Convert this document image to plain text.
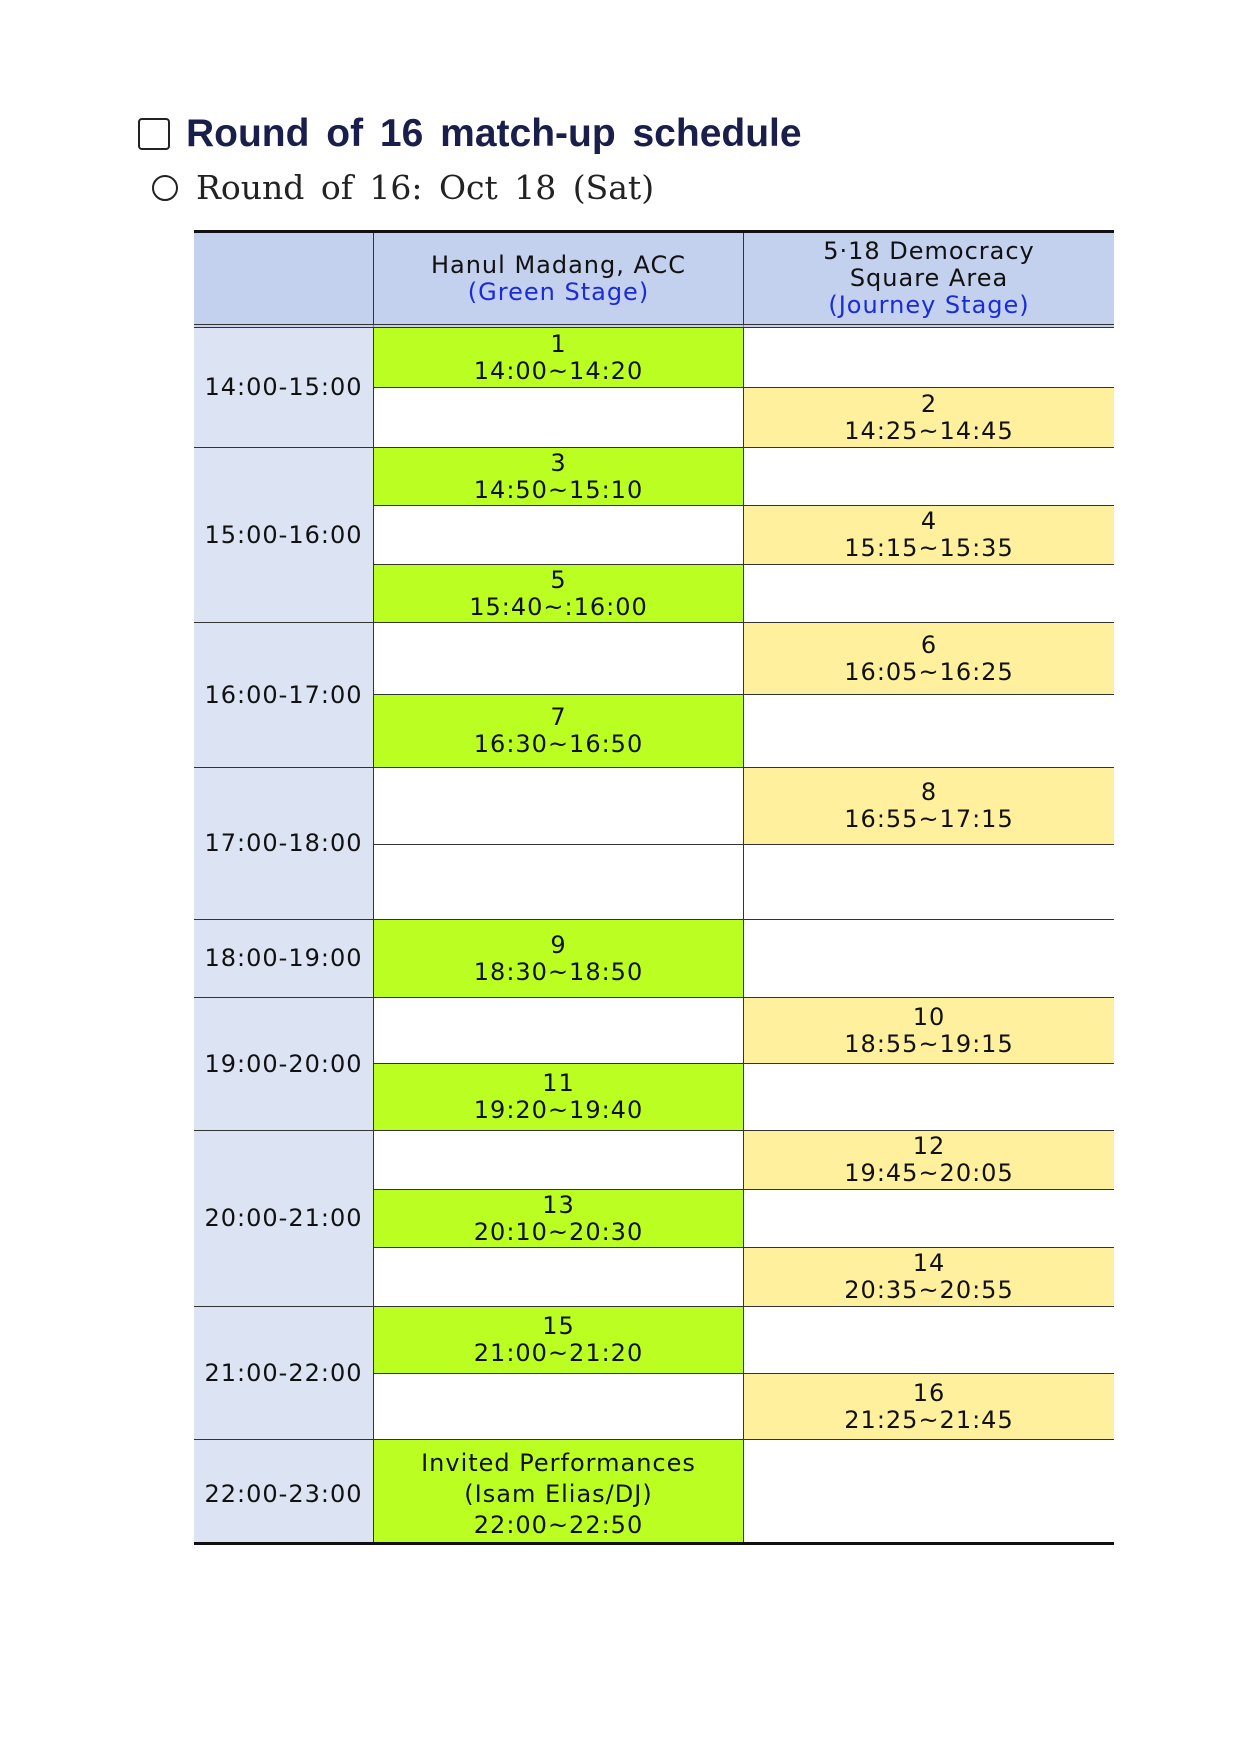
Round of 16 match-up schedule
Round of 16: Oct 18 (Sat)
Hanul Madang, ACC
(Green Stage)
5·18 Democracy
Square Area
(Journey Stage)
14:00-15:00
15:00-16:00
16:00-17:00
17:00-18:00
18:00-19:00
19:00-20:00
20:00-21:00
21:00-22:00
22:00-23:00
1
14:00~14:20
3
14:50~15:10
5
15:40~:16:00
7
16:30~16:50
9
18:30~18:50
11
19:20~19:40
13
20:10~20:30
15
21:00~21:20
Invited Performances
(Isam Elias/DJ)
22:00~22:50
2
14:25~14:45
4
15:15~15:35
6
16:05~16:25
8
16:55~17:15
10
18:55~19:15
12
19:45~20:05
14
20:35~20:55
16
21:25~21:45
